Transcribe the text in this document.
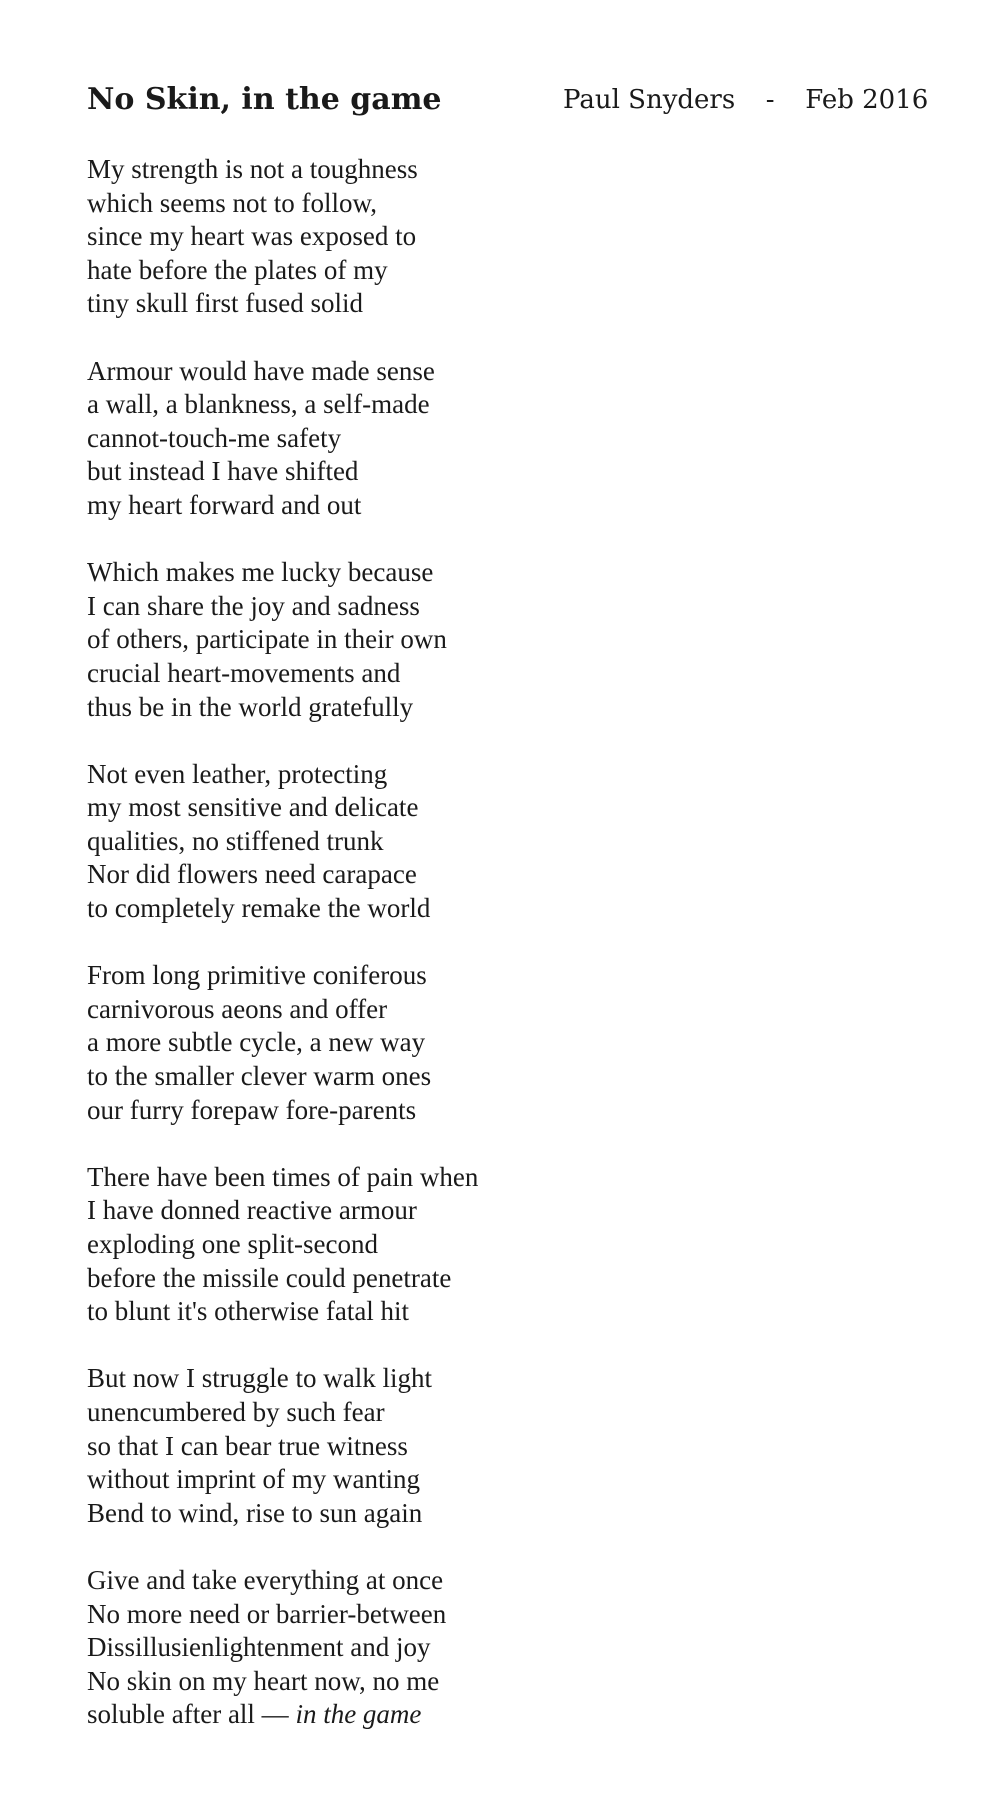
No Skin, in the game	Paul Snyders - Feb 2016
My strength is not a toughness
which seems not to follow,
since my heart was exposed to
hate before the plates of my
tiny skull first fused solid
Armour would have made sense
a wall, a blankness, a self-made
cannot-touch-me safety
but instead I have shifted
my heart forward and out
Which makes me lucky because
I can share the joy and sadness
of others, participate in their own
crucial heart-movements and
thus be in the world gratefully
Not even leather, protecting
my most sensitive and delicate
qualities, no stiffened trunk
Nor did flowers need carapace
to completely remake the world
From long primitive coniferous
carnivorous aeons and offer
a more subtle cycle, a new way
to the smaller clever warm ones
our furry forepaw fore-parents
There have been times of pain when
I have donned reactive armour
exploding one split-second
before the missile could penetrate
to blunt it's otherwise fatal hit
But now I struggle to walk light
unencumbered by such fear
so that I can bear true witness
without imprint of my wanting
Bend to wind, rise to sun again
Give and take everything at once
No more need or barrier-between
Dissillusienlightenment and joy
No skin on my heart now, no me
soluble after all — in the game
